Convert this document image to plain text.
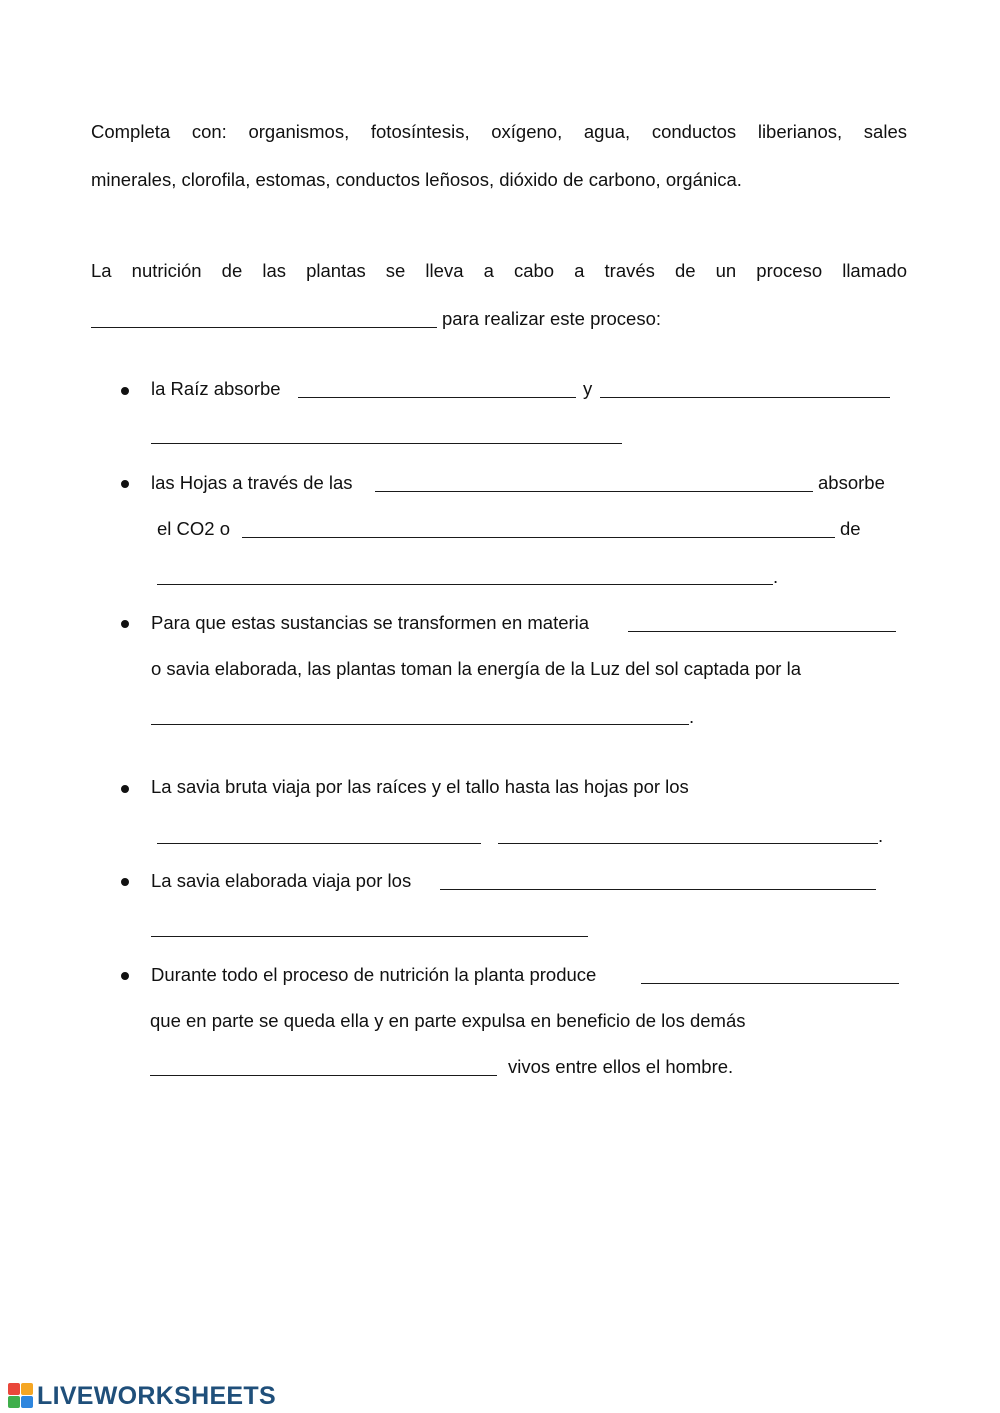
Completa con: organismos, fotosíntesis, oxígeno, agua, conductos liberianos, sales
minerales, clorofila, estomas, conductos leñosos, dióxido de carbono, orgánica.
La nutrición de las plantas se lleva a cabo a través de un proceso llamado
para realizar este proceso:
la Raíz absorbe	y
las Hojas a través de las	absorbe
el CO2 o	de
.
Para que estas sustancias se transformen en materia
o savia elaborada, las plantas toman la energía de la Luz del sol captada por la
.
La savia bruta viaja por las raíces y el tallo hasta las hojas por los
.
La savia elaborada viaja por los
Durante todo el proceso de nutrición la planta produce
que en parte se queda ella y en parte expulsa en beneficio de los demás
vivos entre ellos el hombre.
LIVEWORKSHEETS
